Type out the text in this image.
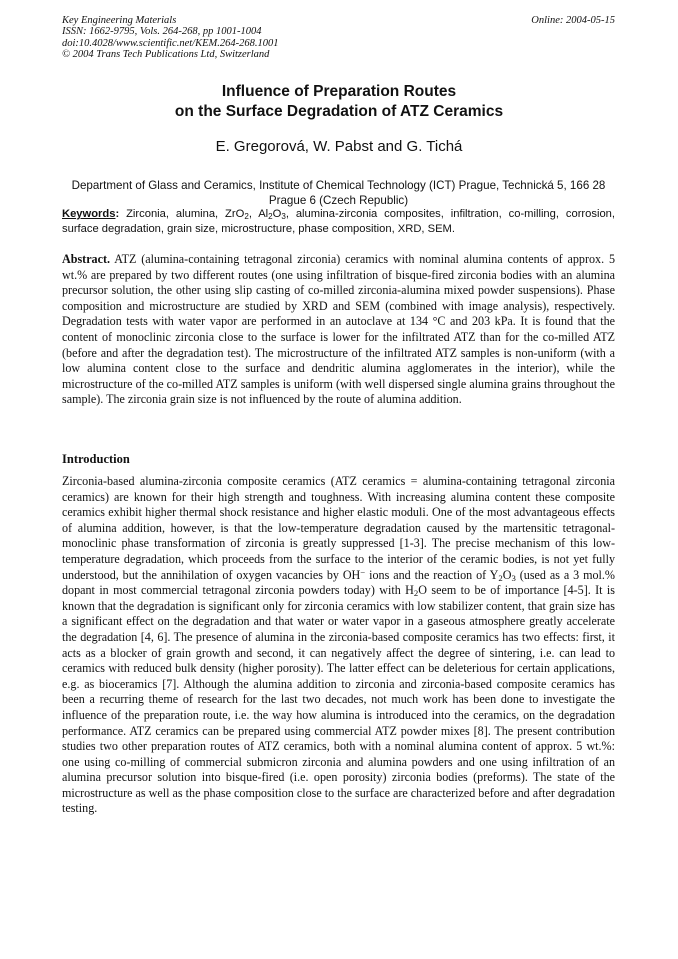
Key Engineering Materials
ISSN: 1662-9795, Vols. 264-268, pp 1001-1004
doi:10.4028/www.scientific.net/KEM.264-268.1001
© 2004 Trans Tech Publications Ltd, Switzerland
Online: 2004-05-15
Influence of Preparation Routes
on the Surface Degradation of ATZ Ceramics
E. Gregorová, W. Pabst and G. Tichá
Department of Glass and Ceramics, Institute of Chemical Technology (ICT) Prague, Technická 5, 166 28 Prague 6 (Czech Republic)
Keywords: Zirconia, alumina, ZrO$_2$, $Al_2O_3$, alumina-zirconia composites, infiltration, co-milling, corrosion, surface degradation, grain size, microstructure, phase composition, XRD, SEM.
Abstract. ATZ (alumina-containing tetragonal zirconia) ceramics with nominal alumina contents of approx. 5 wt.% are prepared by two different routes (one using infiltration of bisque-fired zirconia bodies with an alumina precursor solution, the other using slip casting of co-milled zirconia-alumina mixed powder suspensions). Phase composition and microstructure are studied by XRD and SEM (combined with image analysis), respectively. Degradation tests with water vapor are performed in an autoclave at 134 °C and 203 kPa. It is found that the content of monoclinic zirconia close to the surface is lower for the infiltrated ATZ than for the co-milled ATZ (before and after the degradation test). The microstructure of the infiltrated ATZ samples is non-uniform (with a low alumina content close to the surface and dendritic alumina agglomerates in the interior), while the microstructure of the co-milled ATZ samples is uniform (with well dispersed single alumina grains throughout the sample). The zirconia grain size is not influenced by the route of alumina addition.
Introduction
Zirconia-based alumina-zirconia composite ceramics (ATZ ceramics = alumina-containing tetragonal zirconia ceramics) are known for their high strength and toughness. With increasing alumina content these composite ceramics exhibit higher thermal shock resistance and higher elastic moduli. One of the most advantageous effects of alumina addition, however, is that the low-temperature degradation caused by the martensitic tetragonal-monoclinic phase transformation of zirconia is greatly suppressed [1-3]. The precise mechanism of this low-temperature degradation, which proceeds from the surface to the interior of the ceramic bodies, is not yet fully understood, but the annihilation of oxygen vacancies by OH− ions and the reaction of $Y_2O_3$ (used as a 3 mol.% dopant in most commercial tetragonal zirconia powders today) with $H_2O$ seem to be of importance [4-5]. It is known that the degradation is significant only for zirconia ceramics with low stabilizer content, that grain size has a significant effect on the degradation and that water or water vapor in a gaseous atmosphere greatly accelerate the degradation [4, 6]. The presence of alumina in the zirconia-based composite ceramics has two effects: first, it acts as a blocker of grain growth and second, it can negatively affect the degree of sintering, i.e. can lead to ceramics with reduced bulk density (higher porosity). The latter effect can be deleterious for certain applications, e.g. as bioceramics [7]. Although the alumina addition to zirconia and zirconia-based composite ceramics has been a recurring theme of research for the last two decades, not much work has been done to investigate the influence of the preparation route, i.e. the way how alumina is introduced into the ceramics, on the degradation performance. ATZ ceramics can be prepared using commercial ATZ powder mixes [8]. The present contribution studies two other preparation routes of ATZ ceramics, both with a nominal alumina content of approx. 5 wt.%: one using co-milling of commercial submicron zirconia and alumina powders and one using infiltration of an alumina precursor solution into bisque-fired (i.e. open porosity) zirconia bodies (preforms). The state of the microstructure as well as the phase composition close to the surface are characterized before and after degradation testing.
